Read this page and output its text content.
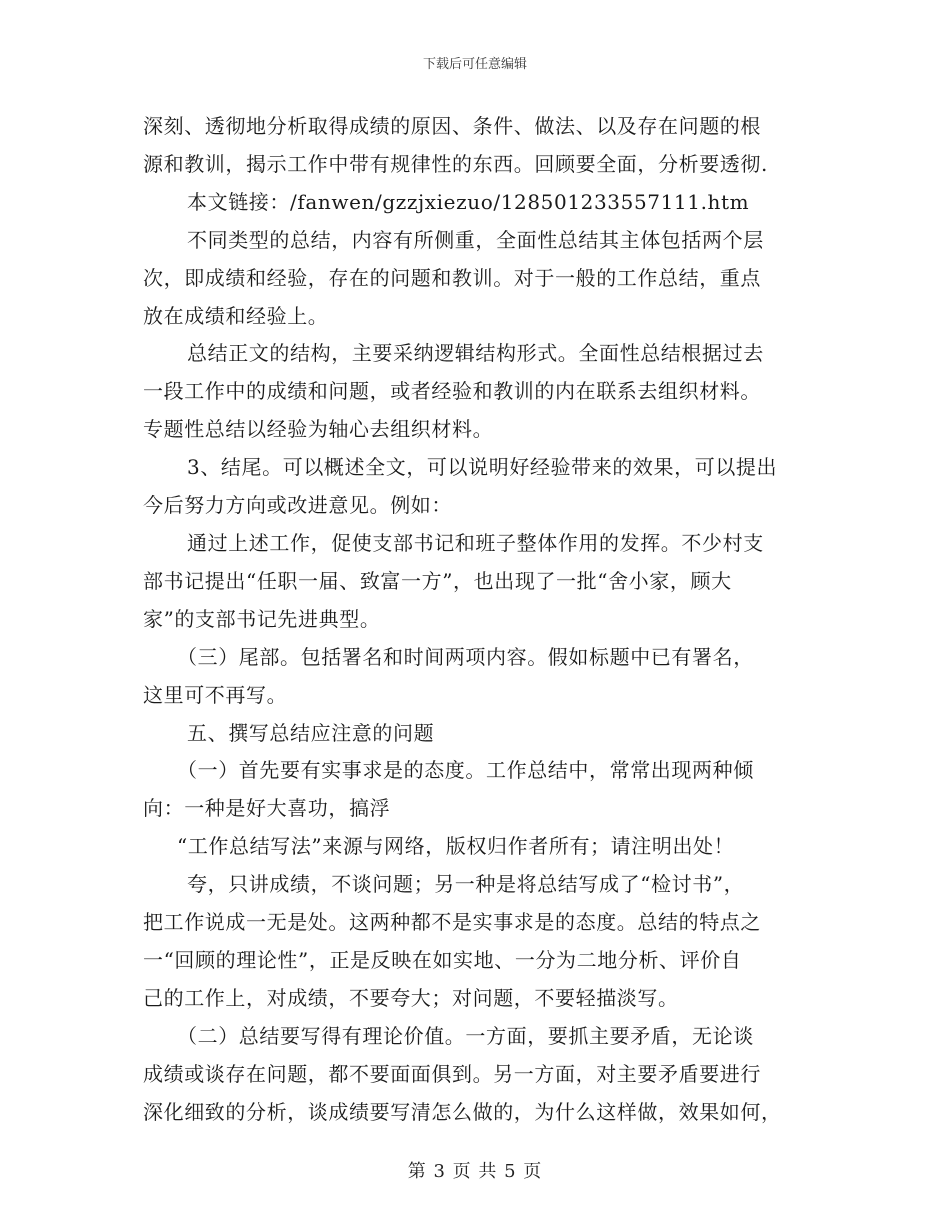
下载后可任意编辑

深刻、透彻地分析取得成绩的原因、条件、做法、以及存在问题的根

源和教训，揭示工作中带有规律性的东西。回顾要全面，分析要透彻.

本文链接：/fanwen/gzzjxiezuo/128501233557111.htm

不同类型的总结，内容有所侧重，全面性总结其主体包括两个层

次，即成绩和经验，存在的问题和教训。对于一般的工作总结，重点

放在成绩和经验上。

总结正文的结构，主要采纳逻辑结构形式。全面性总结根据过去

一段工作中的成绩和问题，或者经验和教训的内在联系去组织材料。

专题性总结以经验为轴心去组织材料。

3、结尾。可以概述全文，可以说明好经验带来的效果，可以提出

今后努力方向或改进意见。例如：

通过上述工作，促使支部书记和班子整体作用的发挥。不少村支

部书记提出“任职一届、致富一方”，也出现了一批“舍小家，顾大

家”的支部书记先进典型。

（三）尾部。包括署名和时间两项内容。假如标题中已有署名，

这里可不再写。

五、撰写总结应注意的问题

（一）首先要有实事求是的态度。工作总结中，常常出现两种倾

向：一种是好大喜功，搞浮

“工作总结写法”来源与网络，版权归作者所有；请注明出处！

夸，只讲成绩，不谈问题；另一种是将总结写成了“检讨书”，

把工作说成一无是处。这两种都不是实事求是的态度。总结的特点之

一“回顾的理论性”，正是反映在如实地、一分为二地分析、评价自

己的工作上，对成绩，不要夸大；对问题，不要轻描淡写。

（二）总结要写得有理论价值。一方面，要抓主要矛盾，无论谈

成绩或谈存在问题，都不要面面俱到。另一方面，对主要矛盾要进行

深化细致的分析，谈成绩要写清怎么做的，为什么这样做，效果如何，

第 3 页 共 5 页
